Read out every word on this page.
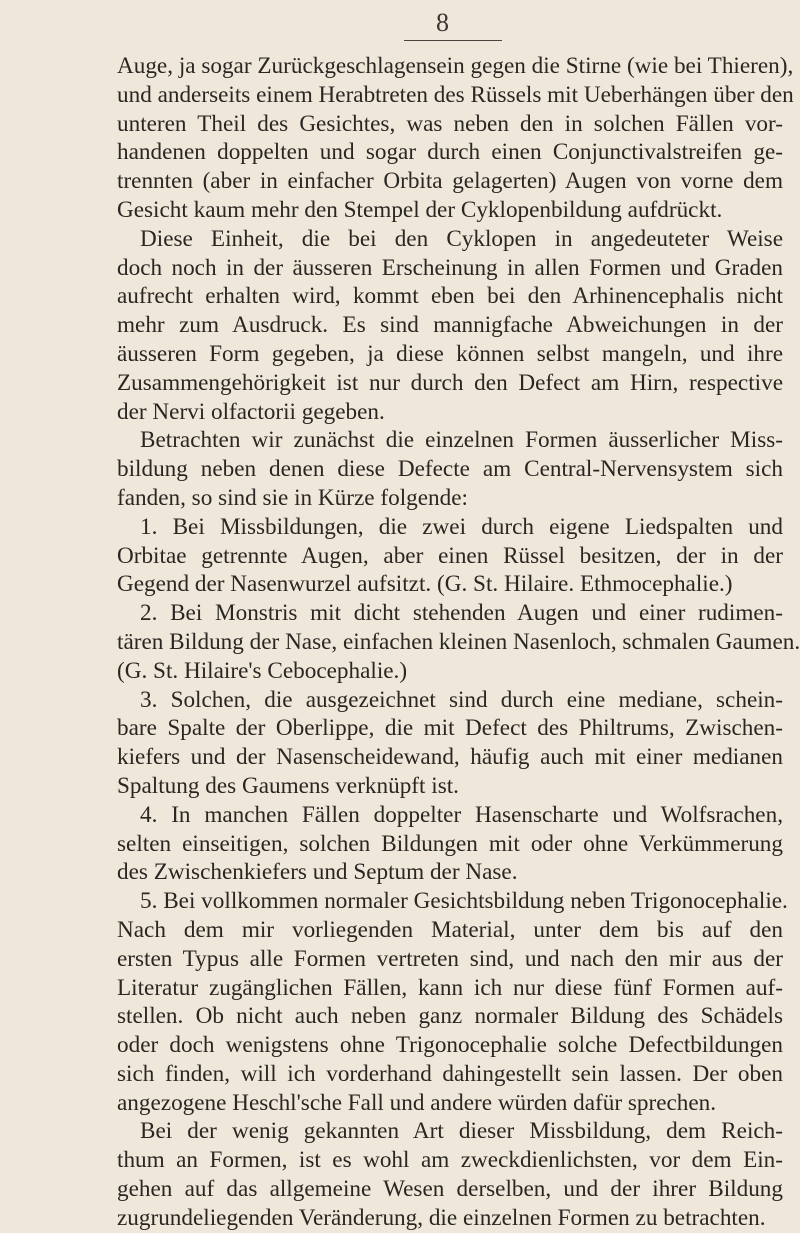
8
Auge, ja sogar Zurückgeschlagensein gegen die Stirne (wie bei Thieren),
und anderseits einem Herabtreten des Rüssels mit Ueberhängen über den
unteren Theil des Gesichtes, was neben den in solchen Fällen vor-
handenen doppelten und sogar durch einen Conjunctivalstreifen ge-
trennten (aber in einfacher Orbita gelagerten) Augen von vorne dem
Gesicht kaum mehr den Stempel der Cyklopenbildung aufdrückt.
Diese Einheit, die bei den Cyklopen in angedeuteter Weise
doch noch in der äusseren Erscheinung in allen Formen und Graden
aufrecht erhalten wird, kommt eben bei den Arhinencephalis nicht
mehr zum Ausdruck. Es sind mannigfache Abweichungen in der
äusseren Form gegeben, ja diese können selbst mangeln, und ihre
Zusammengehörigkeit ist nur durch den Defect am Hirn, respective
der Nervi olfactorii gegeben.
Betrachten wir zunächst die einzelnen Formen äusserlicher Miss-
bildung neben denen diese Defecte am Central-Nervensystem sich
fanden, so sind sie in Kürze folgende:
1. Bei Missbildungen, die zwei durch eigene Liedspalten und
Orbitae getrennte Augen, aber einen Rüssel besitzen, der in der
Gegend der Nasenwurzel aufsitzt. (G. St. Hilaire. Ethmocephalie.)
2. Bei Monstris mit dicht stehenden Augen und einer rudimen-
tären Bildung der Nase, einfachen kleinen Nasenloch, schmalen Gaumen.
(G. St. Hilaire's Cebocephalie.)
3. Solchen, die ausgezeichnet sind durch eine mediane, schein-
bare Spalte der Oberlippe, die mit Defect des Philtrums, Zwischen-
kiefers und der Nasenscheidewand, häufig auch mit einer medianen
Spaltung des Gaumens verknüpft ist.
4. In manchen Fällen doppelter Hasenscharte und Wolfsrachen,
selten einseitigen, solchen Bildungen mit oder ohne Verkümmerung
des Zwischenkiefers und Septum der Nase.
5. Bei vollkommen normaler Gesichtsbildung neben Trigonocephalie.
Nach dem mir vorliegenden Material, unter dem bis auf den
ersten Typus alle Formen vertreten sind, und nach den mir aus der
Literatur zugänglichen Fällen, kann ich nur diese fünf Formen auf-
stellen. Ob nicht auch neben ganz normaler Bildung des Schädels
oder doch wenigstens ohne Trigonocephalie solche Defectbildungen
sich finden, will ich vorderhand dahingestellt sein lassen. Der oben
angezogene Heschl'sche Fall und andere würden dafür sprechen.
Bei der wenig gekannten Art dieser Missbildung, dem Reich-
thum an Formen, ist es wohl am zweckdienlichsten, vor dem Ein-
gehen auf das allgemeine Wesen derselben, und der ihrer Bildung
zugrundeliegenden Veränderung, die einzelnen Formen zu betrachten.
